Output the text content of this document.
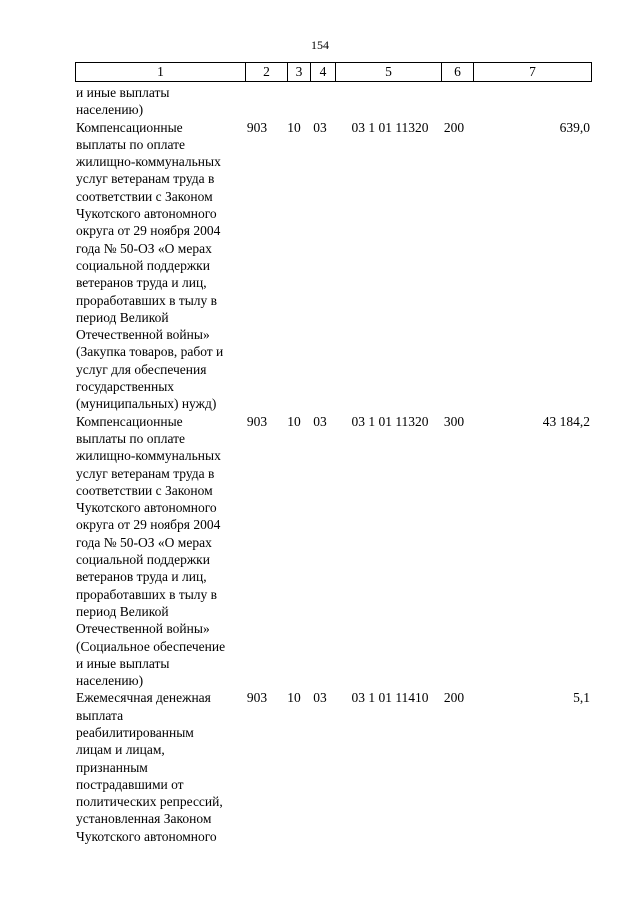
154
1	2	3	4	5	6	7
и иные выплаты
населению)
Компенсационные
выплаты по оплате
жилищно-коммунальных
услуг ветеранам труда в
соответствии с Законом
Чукотского автономного
округа от 29 ноября 2004
года № 50-ОЗ «О мерах
социальной поддержки
ветеранов труда и лиц,
проработавших в тылу в
период Великой
Отечественной войны»
(Закупка товаров, работ и
услуг для обеспечения
государственных
(муниципальных) нужд)
903 10 03	03 1 01 11320	200	639,0
Компенсационные
выплаты по оплате
жилищно-коммунальных
услуг ветеранам труда в
соответствии с Законом
Чукотского автономного
округа от 29 ноября 2004
года № 50-ОЗ «О мерах
социальной поддержки
ветеранов труда и лиц,
проработавших в тылу в
период Великой
Отечественной войны»
(Социальное обеспечение
и иные выплаты
населению)
903 10 03	03 1 01 11320	300	43 184,2
Ежемесячная денежная
выплата
реабилитированным
лицам и лицам,
признанным
пострадавшими от
политических репрессий,
установленная Законом
Чукотского автономного
903 10 03	03 1 01 11410	200	5,1
